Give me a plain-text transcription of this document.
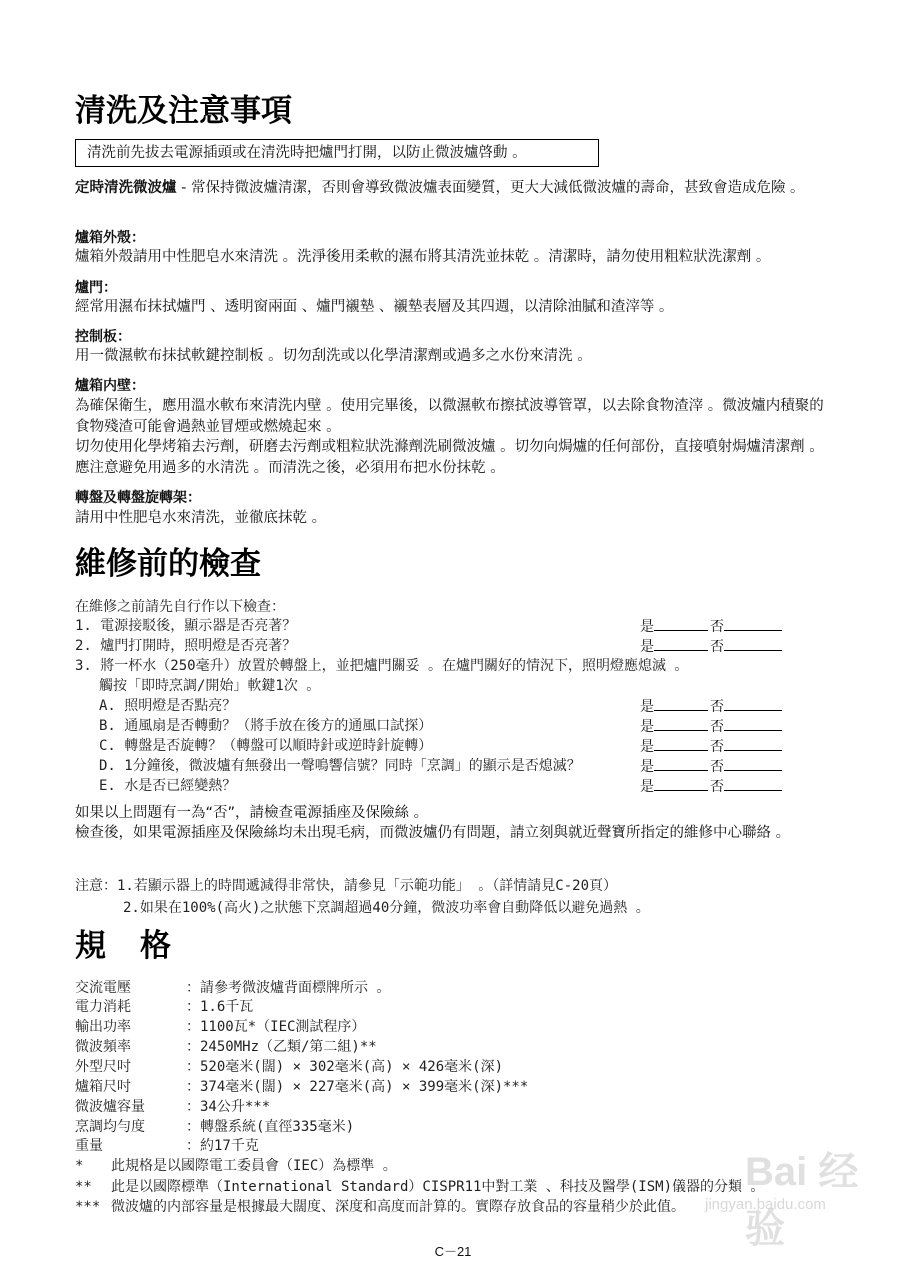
清洗及注意事項
清洗前先拔去電源插頭或在清洗時把爐門打開，以防止微波爐啓動 。
定時清洗微波爐 - 常保持微波爐清潔，否則會導致微波爐表面變質，更大大減低微波爐的壽命，甚致會造成危險 。
爐箱外殼：
爐箱外殼請用中性肥皂水來清洗 。洗淨後用柔軟的濕布將其清洗並抹乾 。清潔時，請勿使用粗粒狀洗潔劑 。
爐門：
經常用濕布抹拭爐門 、透明窗兩面 、爐門襯墊 、襯墊表層及其四週，以清除油膩和渣滓等 。
控制板：
用一微濕軟布抹拭軟鍵控制板 。切勿刮洗或以化學清潔劑或過多之水份來清洗 。
爐箱内壁：
為確保衛生，應用溫水軟布來清洗内壁 。使用完畢後，以微濕軟布擦拭波導管罩，以去除食物渣滓 。微波爐内積聚的食物殘渣可能會過熱並冒煙或燃燒起來 。
切勿使用化學烤箱去污劑，研磨去污劑或粗粒狀洗滌劑洗刷微波爐 。切勿向焗爐的任何部份，直接噴射焗爐清潔劑 。應注意避免用過多的水清洗 。而清洗之後，必須用布把水份抹乾 。
轉盤及轉盤旋轉架：
請用中性肥皂水來清洗，並徹底抹乾 。
維修前的檢查
在維修之前請先自行作以下檢查：
1. 電源接駁後，顯示器是否亮著？	是	否
2. 爐門打開時，照明燈是否亮著？	是	否
3. 將一杯水（250毫升）放置於轉盤上，並把爐門關妥 。在爐門關好的情況下，照明燈應熄滅 。
觸按「即時烹調/開始」軟鍵1次 。
A. 照明燈是否點亮？	是	否
B. 通風扇是否轉動？（將手放在後方的通風口試探）	是	否
C. 轉盤是否旋轉？（轉盤可以順時針或逆時針旋轉）	是	否
D. 1分鐘後，微波爐有無發出一聲鳴響信號？同時「烹調」的顯示是否熄滅？	是	否
E. 水是否已經變熱？	是	否
如果以上問題有一為“否”，請檢查電源插座及保險絲 。
檢查後，如果電源插座及保險絲均未出現毛病，而微波爐仍有問題，請立刻與就近聲寶所指定的維修中心聯絡 。
注意：1.若顯示器上的時間遞減得非常快，請參見「示範功能」 。（詳情請見C-20頁）
2.如果在100%(高火)之狀態下烹調超過40分鐘，微波功率會自動降低以避免過熱 。
規格
交流電壓	：請參考微波爐背面標牌所示 。
電力消耗	：1.6千瓦
輸出功率	：1100瓦*（IEC測試程序）
微波頻率	：2450MHz（乙類/第二組)**
外型尺吋	：520毫米(闊) × 302毫米(高) × 426毫米(深)
爐箱尺吋	：374毫米(闊) × 227毫米(高) × 399毫米(深)***
微波爐容量	：34公升***
烹調均勻度	：轉盤系統(直徑335毫米)
重量	：約17千克
* 此規格是以國際電工委員會（IEC）為標準 。
** 此是以國際標準（International Standard）CISPR11中對工業 、科技及醫學(ISM)儀器的分類 。
*** 微波爐的内部容量是根據最大闊度、深度和高度而計算的。實際存放食品的容量稍少於此值。
C－21
Bai 经验
jingyan.baidu.com
